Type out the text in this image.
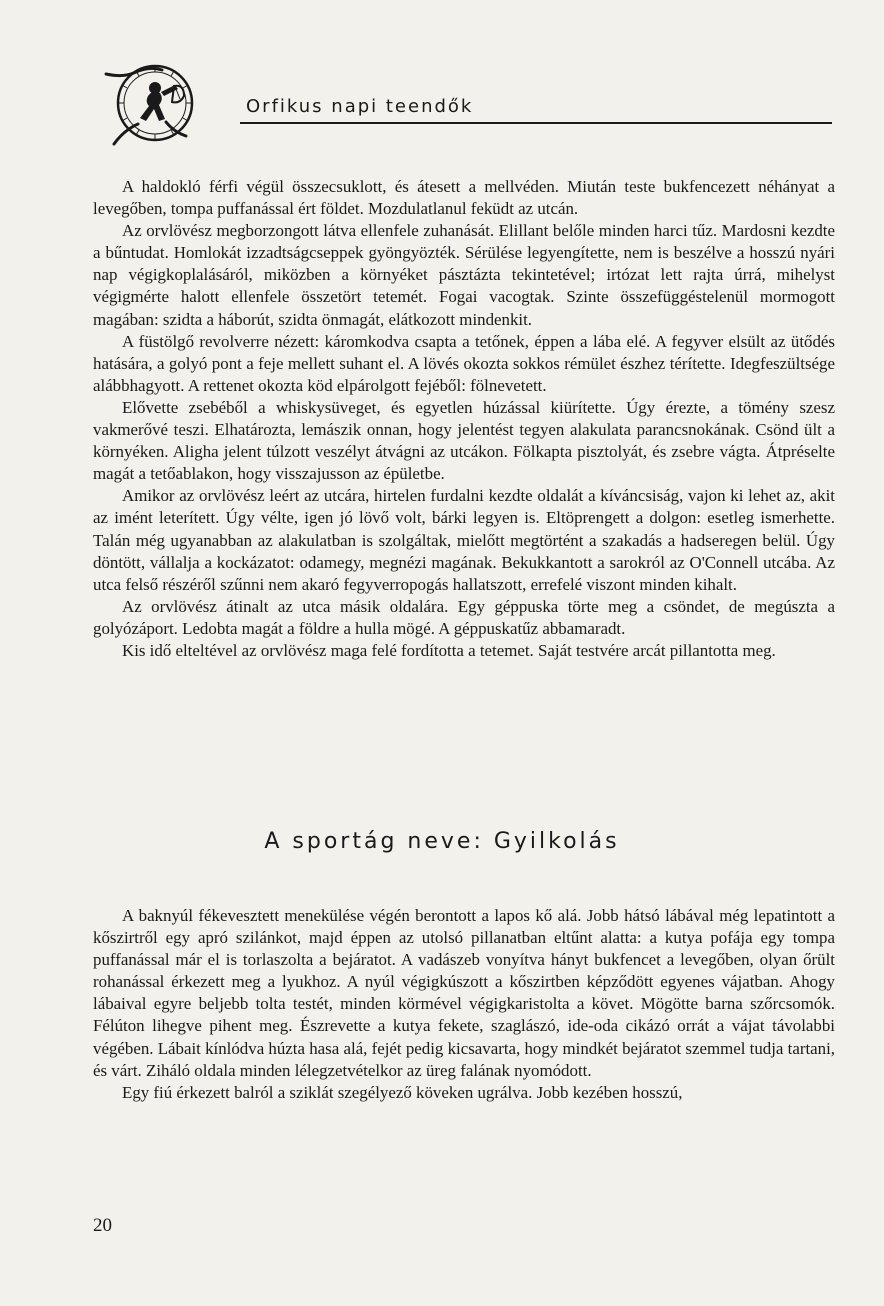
Orfikus napi teendők

A haldokló férfi végül összecsuklott, és átesett a mellvéden. Miután teste bukfencezett néhányat a levegőben, tompa puffanással ért földet. Mozdulatlanul feküdt az utcán.

Az orvlövész megborzongott látva ellenfele zuhanását. Elillant belőle minden harci tűz. Mardosni kezdte a bűntudat. Homlokát izzadtságcseppek gyöngyözték. Sérülése legyengítette, nem is beszélve a hosszú nyári nap végigkoplalásáról, miközben a környéket pásztázta tekintetével; irtózat lett rajta úrrá, mihelyst végigmérte halott ellenfele összetört tetemét. Fogai vacogtak. Szinte összefüggéstelenül mormogott magában: szidta a háborút, szidta önmagát, elátkozott mindenkit.

A füstölgő revolverre nézett: káromkodva csapta a tetőnek, éppen a lába elé. A fegyver elsült az ütődés hatására, a golyó pont a feje mellett suhant el. A lövés okozta sokkos rémület észhez térítette. Idegfeszültsége alábbhagyott. A rettenet okozta köd elpárolgott fejéből: fölnevetett.

Elővette zsebéből a whiskysüveget, és egyetlen húzással kiürítette. Úgy érezte, a tömény szesz vakmerővé teszi. Elhatározta, lemászik onnan, hogy jelentést tegyen alakulata parancsnokának. Csönd ült a környéken. Aligha jelent túlzott veszélyt átvágni az utcákon. Fölkapta pisztolyát, és zsebre vágta. Átpréselte magát a tetőablakon, hogy visszajusson az épületbe.

Amikor az orvlövész leért az utcára, hirtelen furdalni kezdte oldalát a kíváncsiság, vajon ki lehet az, akit az imént leterített. Úgy vélte, igen jó lövő volt, bárki legyen is. Eltöprengett a dolgon: esetleg ismerhette. Talán még ugyanabban az alakulatban is szolgáltak, mielőtt megtörtént a szakadás a hadseregen belül. Úgy döntött, vállalja a kockázatot: odamegy, megnézi magának. Bekukkantott a sarokról az O'Connell utcába. Az utca felső részéről szűnni nem akaró fegyverropogás hallatszott, errefelé viszont minden kihalt.

Az orvlövész átinalt az utca másik oldalára. Egy géppuska törte meg a csöndet, de megúszta a golyózáport. Ledobta magát a földre a hulla mögé. A géppuskatűz abbamaradt.

Kis idő elteltével az orvlövész maga felé fordította a tetemet. Saját testvére arcát pillantotta meg.

A sportág neve: Gyilkolás

A baknyúl fékevesztett menekülése végén berontott a lapos kő alá. Jobb hátsó lábával még lepatintott a kőszirtről egy apró szilánkot, majd éppen az utolsó pillanatban eltűnt alatta: a kutya pofája egy tompa puffanással már el is torlaszolta a bejáratot. A vadászeb vonyítva hányt bukfencet a levegőben, olyan őrült rohanással érkezett meg a lyukhoz. A nyúl végigkúszott a kőszirtben képződött egyenes vájatban. Ahogy lábaival egyre beljebb tolta testét, minden körmével végigkaristolta a követ. Mögötte barna szőrcsomók. Félúton lihegve pihent meg. Észrevette a kutya fekete, szaglászó, ide-oda cikázó orrát a vájat távolabbi végében. Lábait kínlódva húzta hasa alá, fejét pedig kicsavarta, hogy mindkét bejáratot szemmel tudja tartani, és várt. Ziháló oldala minden lélegzetvételkor az üreg falának nyomódott.

Egy fiú érkezett balról a sziklát szegélyező köveken ugrálva. Jobb kezében hosszú,

20
